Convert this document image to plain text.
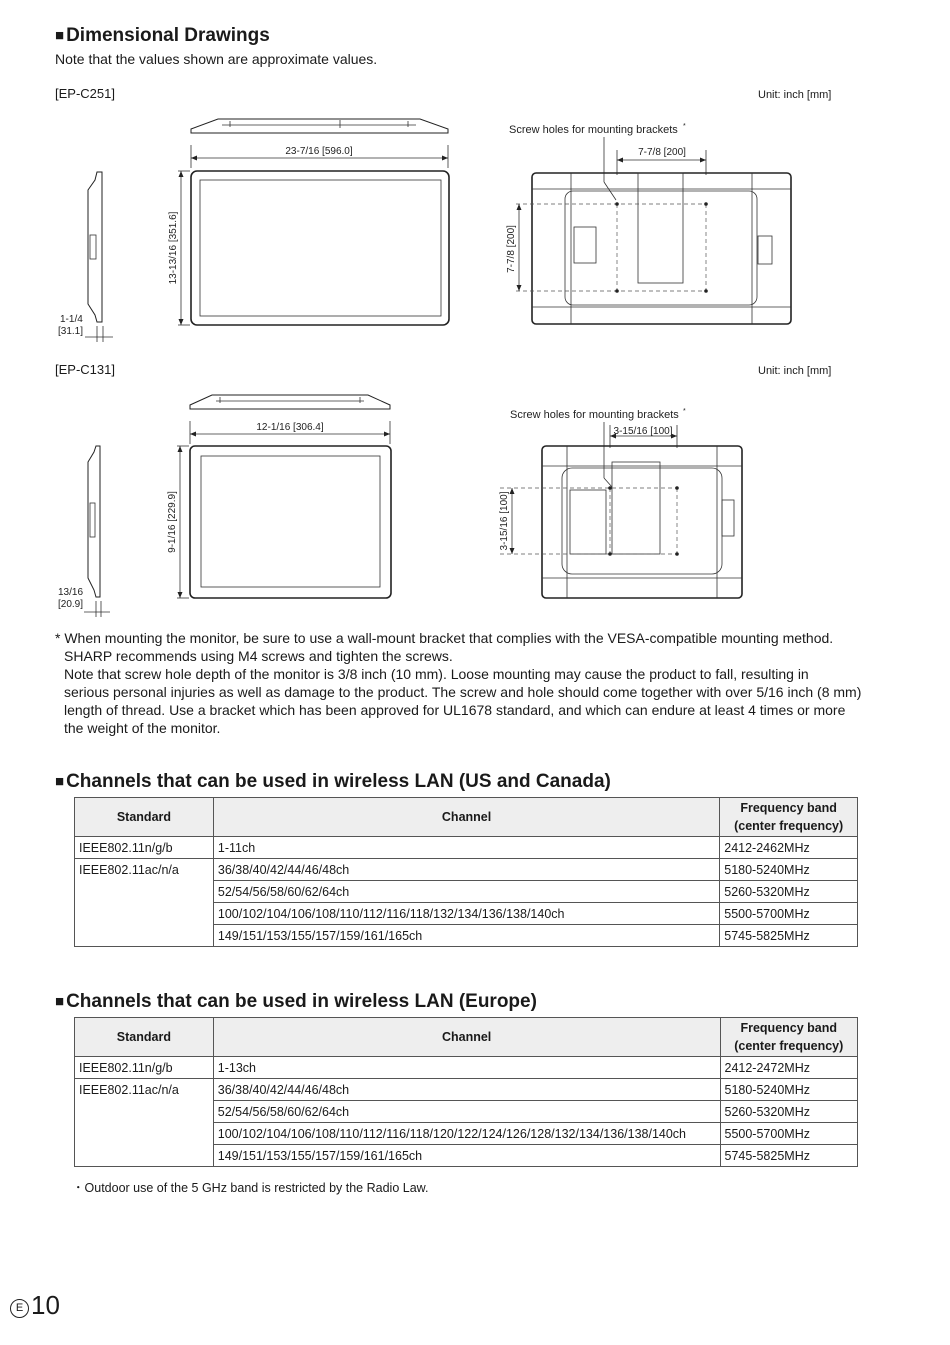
■ Dimensional Drawings
Note that the values shown are approximate values.
[EP-C251]	Unit: inch [mm]
[EP-C131]	Unit: inch [mm]
23-7/16 [596.0]
13-13/16 [351.6]
1-1/4
[31.1]
Screw holes for mounting brackets *
7-7/8 [200]
7-7/8 [200]
12-1/16 [306.4]
9-1/16 [229.9]
13/16
[20.9]
Screw holes for mounting brackets *
3-15/16 [100]
3-15/16 [100]
* When mounting the monitor, be sure to use a wall-mount bracket that complies with the VESA-compatible mounting method.
SHARP recommends using M4 screws and tighten the screws.
Note that screw hole depth of the monitor is 3/8 inch (10 mm). Loose mounting may cause the product to fall, resulting in
serious personal injuries as well as damage to the product. The screw and hole should come together with over 5/16 inch (8 mm)
length of thread. Use a bracket which has been approved for UL1678 standard, and which can endure at least 4 times or more
the weight of the monitor.
■ Channels that can be used in wireless LAN (US and Canada)
Standard	Channel	Frequency band
(center frequency)
IEEE802.11n/g/b	1-11ch	2412-2462MHz
IEEE802.11ac/n/a	36/38/40/42/44/46/48ch	5180-5240MHz
	52/54/56/58/60/62/64ch	5260-5320MHz
	100/102/104/106/108/110/112/116/118/132/134/136/138/140ch	5500-5700MHz
	149/151/153/155/157/159/161/165ch	5745-5825MHz
■ Channels that can be used in wireless LAN (Europe)
Standard	Channel	Frequency band
(center frequency)
IEEE802.11n/g/b	1-13ch	2412-2472MHz
IEEE802.11ac/n/a	36/38/40/42/44/46/48ch	5180-5240MHz
	52/54/56/58/60/62/64ch	5260-5320MHz
	100/102/104/106/108/110/112/116/118/120/122/124/126/128/132/134/136/138/140ch	5500-5700MHz
	149/151/153/155/157/159/161/165ch	5745-5825MHz
・Outdoor use of the 5 GHz band is restricted by the Radio Law.
E 10
